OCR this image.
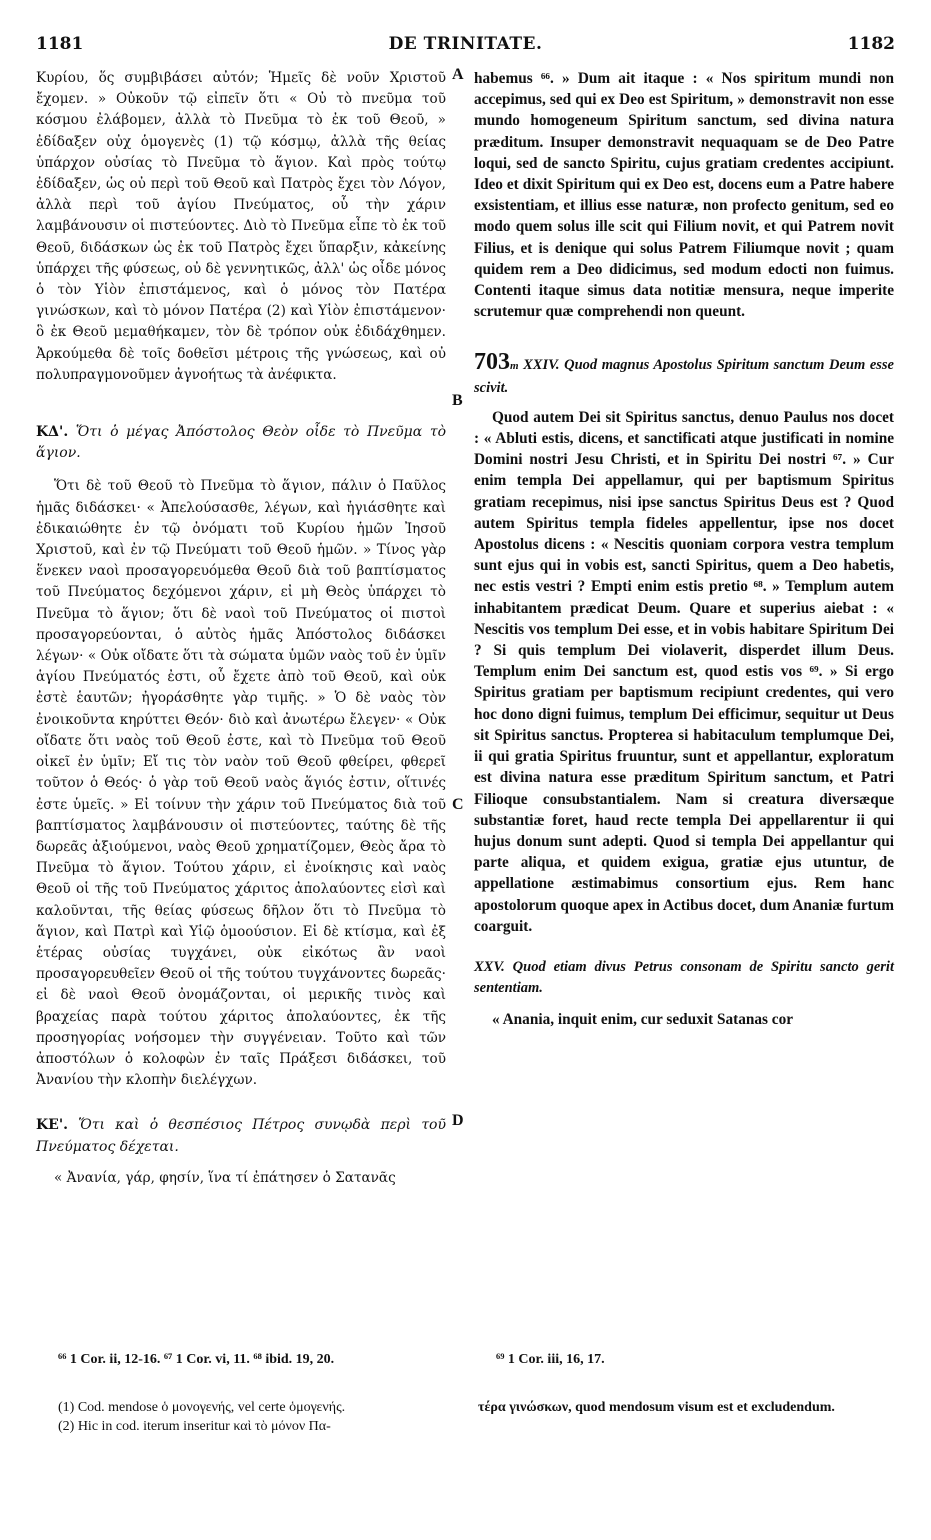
1181	DE TRINITATE.	1182

Κυρίου, ὅς συμβιβάσει αὐτόν; Ἡμεῖς δὲ νοῦν Χριστοῦ ἔχομεν. » Οὐκοῦν τῷ εἰπεῖν ὅτι « Οὐ τὸ πνεῦμα τοῦ κόσμου ἐλάβομεν, ἀλλὰ τὸ Πνεῦμα τὸ ἐκ τοῦ Θεοῦ, » ἐδίδαξεν οὐχ ὁμογενὲς (1) τῷ κόσμῳ, ἀλλὰ τῆς θείας ὑπάρχον οὐσίας τὸ Πνεῦμα τὸ ἅγιον. Καὶ πρὸς τούτῳ ἐδίδαξεν, ὡς οὐ περὶ τοῦ Θεοῦ καὶ Πατρὸς ἔχει τὸν Λόγον, ἀλλὰ περὶ τοῦ ἁγίου Πνεύματος, οὗ τὴν χάριν λαμβάνουσιν οἱ πιστεύοντες. Διὸ τὸ Πνεῦμα εἶπε τὸ ἐκ τοῦ Θεοῦ, διδάσκων ὡς ἐκ τοῦ Πατρὸς ἔχει ὕπαρξιν, κἀκείνης ὑπάρχει τῆς φύσεως, οὐ δὲ γεννητικῶς, ἀλλ' ὡς οἶδε μόνος ὁ τὸν Υἱὸν ἐπιστάμενος, καὶ ὁ μόνος τὸν Πατέρα γινώσκων, καὶ τὸ μόνον Πατέρα (2) καὶ Υἱὸν ἐπιστάμενον· ὃ ἐκ Θεοῦ μεμαθήκαμεν, τὸν δὲ τρόπον οὐκ ἐδιδάχθημεν. Ἀρκούμεθα δὲ τοῖς δοθεῖσι μέτροις τῆς γνώσεως, καὶ οὐ πολυπραγμονοῦμεν ἀγνοήτως τὰ ἀνέφικτα.

ΚΔ'. Ὅτι ὁ μέγας Ἀπόστολος Θεὸν οἶδε τὸ Πνεῦμα τὸ ἅγιον.

Ὅτι δὲ τοῦ Θεοῦ τὸ Πνεῦμα τὸ ἅγιον, πάλιν ὁ Παῦλος ἡμᾶς διδάσκει· « Ἀπελούσασθε, λέγων, καὶ ἡγιάσθητε καὶ ἐδικαιώθητε ἐν τῷ ὀνόματι τοῦ Κυρίου ἡμῶν Ἰησοῦ Χριστοῦ, καὶ ἐν τῷ Πνεύματι τοῦ Θεοῦ ἡμῶν. » Τίνος γὰρ ἕνεκεν ναοὶ προσαγορευόμεθα Θεοῦ διὰ τοῦ βαπτίσματος τοῦ Πνεύματος δεχόμενοι χάριν, εἰ μὴ Θεὸς ὑπάρχει τὸ Πνεῦμα τὸ ἅγιον; ὅτι δὲ ναοὶ τοῦ Πνεύματος οἱ πιστοὶ προσαγορεύονται, ὁ αὐτὸς ἡμᾶς Ἀπόστολος διδάσκει λέγων· « Οὐκ οἴδατε ὅτι τὰ σώματα ὑμῶν ναὸς τοῦ ἐν ὑμῖν ἁγίου Πνεύματός ἐστι, οὗ ἔχετε ἀπὸ τοῦ Θεοῦ, καὶ οὐκ ἐστὲ ἑαυτῶν; ἠγοράσθητε γὰρ τιμῆς. » Ὁ δὲ ναὸς τὸν ἐνοικοῦντα κηρύττει Θεόν· διὸ καὶ ἀνωτέρω ἔλεγεν· « Οὐκ οἴδατε ὅτι ναὸς τοῦ Θεοῦ ἐστε, καὶ τὸ Πνεῦμα τοῦ Θεοῦ οἰκεῖ ἐν ὑμῖν; Εἴ τις τὸν ναὸν τοῦ Θεοῦ φθείρει, φθερεῖ τοῦτον ὁ Θεός· ὁ γὰρ τοῦ Θεοῦ ναὸς ἅγιός ἐστιν, οἵτινές ἐστε ὑμεῖς. » Εἰ τοίνυν τὴν χάριν τοῦ Πνεύματος διὰ τοῦ βαπτίσματος λαμβάνουσιν οἱ πιστεύοντες, ταύτης δὲ τῆς δωρεᾶς ἀξιούμενοι, ναὸς Θεοῦ χρηματίζομεν, Θεὸς ἄρα τὸ Πνεῦμα τὸ ἅγιον. Τούτου χάριν, εἰ ἐνοίκησις καὶ ναὸς Θεοῦ οἱ τῆς τοῦ Πνεύματος χάριτος ἀπολαύοντες εἰσὶ καὶ καλοῦνται, τῆς θείας φύσεως δῆλον ὅτι τὸ Πνεῦμα τὸ ἅγιον, καὶ Πατρὶ καὶ Υἱῷ ὁμοούσιον. Εἰ δὲ κτίσμα, καὶ ἐξ ἑτέρας οὐσίας τυγχάνει, οὐκ εἰκότως ἂν ναοὶ προσαγορευθεῖεν Θεοῦ οἱ τῆς τούτου τυγχάνοντες δωρεᾶς· εἰ δὲ ναοὶ Θεοῦ ὀνομάζονται, οἱ μερικῆς τινὸς καὶ βραχείας παρὰ τούτου χάριτος ἀπολαύοντες, ἐκ τῆς προσηγορίας νοήσομεν τὴν συγγένειαν. Τοῦτο καὶ τῶν ἀποστόλων ὁ κολοφὼν ἐν ταῖς Πράξεσι διδάσκει, τοῦ Ἀνανίου τὴν κλοπὴν διελέγχων.

ΚΕ'. Ὅτι καὶ ὁ θεσπέσιος Πέτρος συνῳδὰ περὶ τοῦ Πνεύματος δέχεται.

« Ἀνανία, γάρ, φησίν, ἵνα τί ἐπάτησεν ὁ Σατανᾶς

habemus ⁶⁶. » Dum ait itaque : « Nos spiritum mundi non accepimus, sed qui ex Deo est Spiritum, » demonstravit non esse mundo homogeneum Spiritum sanctum, sed divina natura præditum. Insuper demonstravit nequaquam se de Deo Patre loqui, sed de sancto Spiritu, cujus gratiam credentes accipiunt. Ideo et dixit Spiritum qui ex Deo est, docens eum a Patre habere exsistentiam, et illius esse naturæ, non profecto genitum, sed eo modo quem solus ille scit qui Filium novit, et qui Patrem novit Filius, et is denique qui solus Patrem Filiumque novit ; quam quidem rem a Deo didicimus, sed modum edocti non fuimus. Contenti itaque simus data notitiæ mensura, neque imperite scrutemur quæ comprehendi non queunt.

703m XXIV. Quod magnus Apostolus Spiritum sanctum Deum esse scivit.

Quod autem Dei sit Spiritus sanctus, denuo Paulus nos docet : « Abluti estis, dicens, et sanctificati atque justificati in nomine Domini nostri Jesu Christi, et in Spiritu Dei nostri ⁶⁷. » Cur enim templa Dei appellamur, qui per baptismum Spiritus gratiam recepimus, nisi ipse sanctus Spiritus Deus est ? Quod autem Spiritus templa fideles appellentur, ipse nos docet Apostolus dicens : « Nescitis quoniam corpora vestra templum sunt ejus qui in vobis est, sancti Spiritus, quem a Deo habetis, nec estis vestri ? Empti enim estis pretio ⁶⁸. » Templum autem inhabitantem prædicat Deum. Quare et superius aiebat : « Nescitis vos templum Dei esse, et in vobis habitare Spiritum Dei ? Si quis templum Dei violaverit, disperdet illum Deus. Templum enim Dei sanctum est, quod estis vos ⁶⁹. » Si ergo Spiritus gratiam per baptismum recipiunt credentes, qui vero hoc dono digni fuimus, templum Dei efficimur, sequitur ut Deus sit Spiritus sanctus. Propterea si habitaculum templumque Dei, ii qui gratia Spiritus fruuntur, sunt et appellantur, exploratum est divina natura esse præditum Spiritum sanctum, et Patri Filioque consubstantialem. Nam si creatura diversæque substantiæ foret, haud recte templa Dei appellarentur ii qui hujus donum sunt adepti. Quod si templa Dei appellantur qui parte aliqua, et quidem exigua, gratiæ ejus utuntur, de appellatione æstimabimus consortium ejus. Rem hanc apostolorum quoque apex in Actibus docet, dum Ananiæ furtum coarguit.

XXV. Quod etiam divus Petrus consonam de Spiritu sancto gerit sententiam.

« Anania, inquit enim, cur seduxit Satanas cor

A
B
C
D
⁶⁶ 1 Cor. ii, 12-16. ⁶⁷ 1 Cor. vi, 11. ⁶⁸ ibid. 19, 20.	⁶⁹ 1 Cor. iii, 16, 17.

(1) Cod. mendose ὁ μονογενής, vel certe ὁμογενής.

(2) Hic in cod. iterum inseritur καὶ τὸ μόνον Πα-

τέρα γινώσκων, quod mendosum visum est et excludendum.
